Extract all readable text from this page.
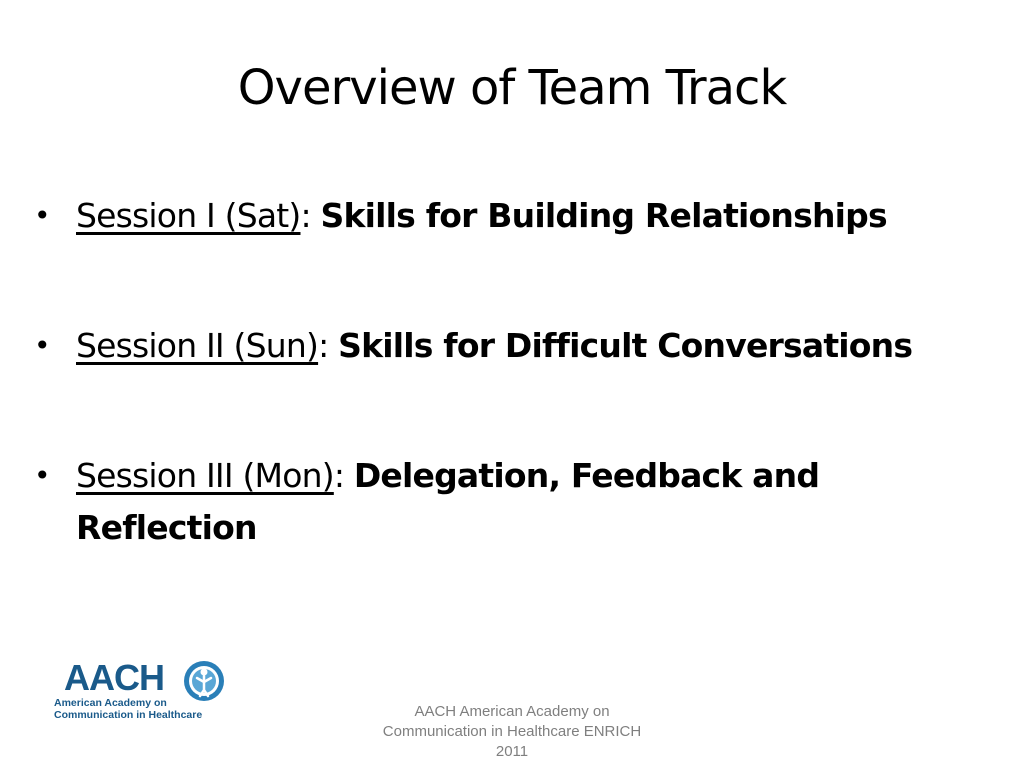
Overview of Team Track
• Session I (Sat): Skills for Building Relationships
• Session II (Sun): Skills for Difficult Conversations
• Session III (Mon): Delegation, Feedback and Reflection
AACH
American Academy on
Communication in Healthcare	AACH American Academy on
Communication in Healthcare ENRICH
2011
